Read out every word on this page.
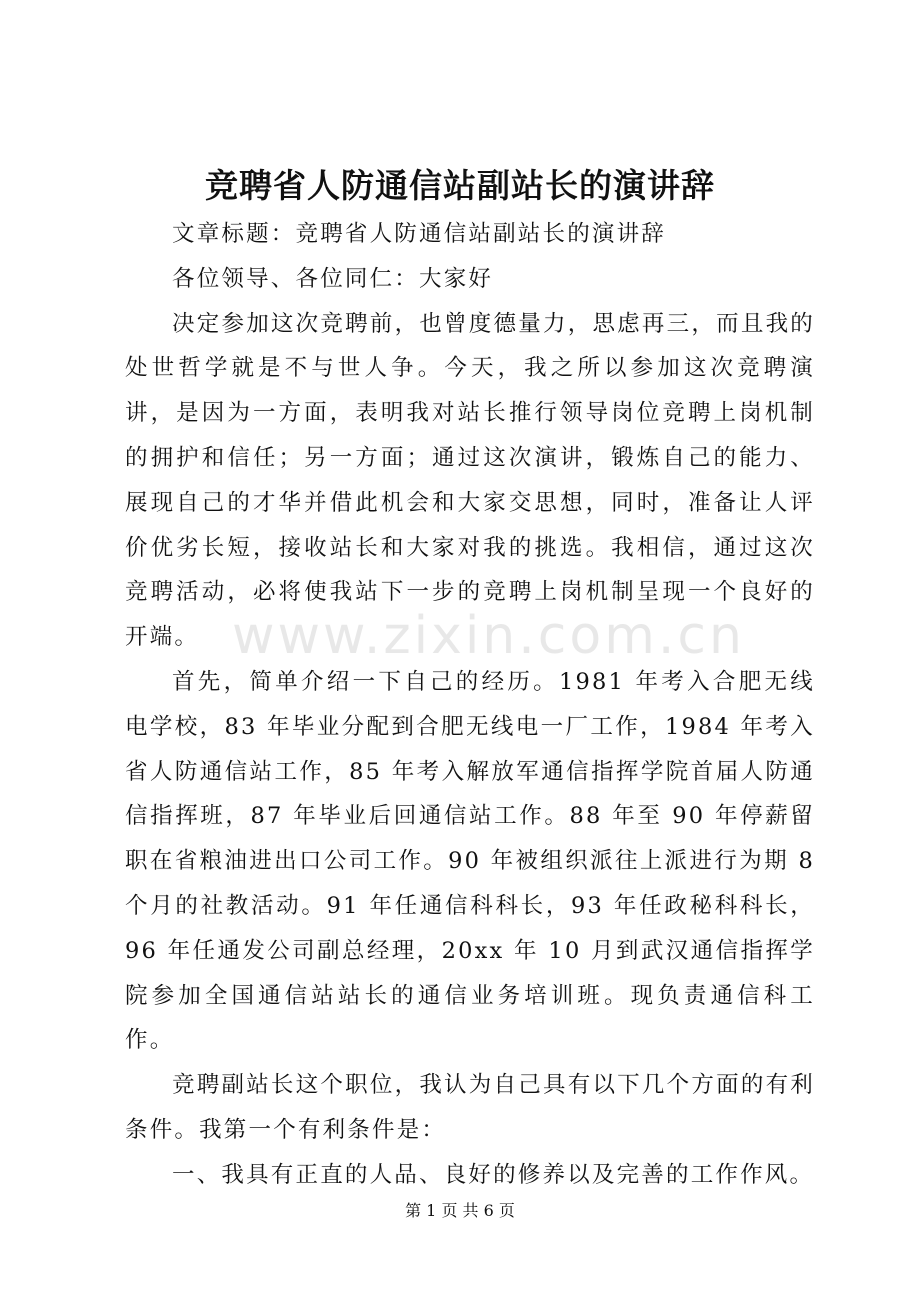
竞聘省人防通信站副站长的演讲辞

文章标题：竞聘省人防通信站副站长的演讲辞

各位领导、各位同仁：大家好

决定参加这次竞聘前，也曾度德量力，思虑再三，而且我的处世哲学就是不与世人争。今天，我之所以参加这次竞聘演讲，是因为一方面，表明我对站长推行领导岗位竞聘上岗机制的拥护和信任；另一方面；通过这次演讲，锻炼自己的能力、展现自己的才华并借此机会和大家交思想，同时，准备让人评价优劣长短，接收站长和大家对我的挑选。我相信，通过这次竞聘活动，必将使我站下一步的竞聘上岗机制呈现一个良好的开端。

首先，简单介绍一下自己的经历。1981 年考入合肥无线电学校，83 年毕业分配到合肥无线电一厂工作，1984 年考入省人防通信站工作，85 年考入解放军通信指挥学院首届人防通信指挥班，87 年毕业后回通信站工作。88 年至 90 年停薪留职在省粮油进出口公司工作。90 年被组织派往上派进行为期 8 个月的社教活动。91 年任通信科科长，93 年任政秘科科长，96 年任通发公司副总经理，20xx 年 10 月到武汉通信指挥学院参加全国通信站站长的通信业务培训班。现负责通信科工作。

竞聘副站长这个职位，我认为自己具有以下几个方面的有利条件。我第一个有利条件是：

一、我具有正直的人品、良好的修养以及完善的工作作风。

www.zixin.com.cn
第 1 页 共 6 页
